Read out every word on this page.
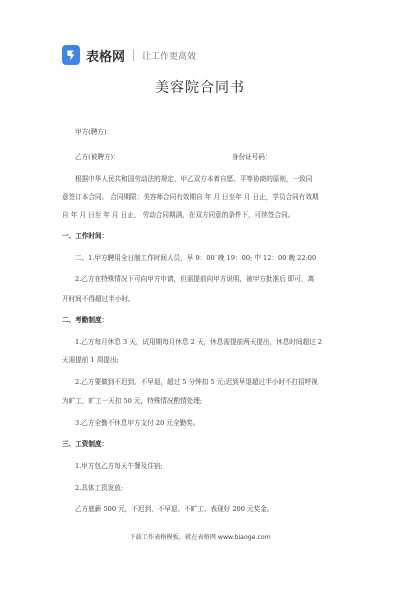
表格网 让工作更高效
美容院合同书
甲方(聘方)：
乙方(被聘方)：	身份证号码：
根据中华人民共和国劳动法的规定，甲乙双方本着自愿、平等协商的原则，一致同
意签订本合同。 合同期限：美容师合同有效期自 年 月 日至年 月 日止，学员合同有效期
自 年 月 日至 年 月 日止， 劳动合同期满，在双方同意的条件下，可续签合同。
一、工作时间：
二、1.甲方聘用全日制工作时间人员，早 9：00`晚 19：00; 中 12：00 晚 22:00
2.乙方在特殊情况下可向甲方申请，但需提前向甲方说明，被甲方批准后 即可，离
开时间不得超过半小时。
二、考勤制度：
1.乙方每月休息 3 天，试用期每月休息 2 天，休息需提前两天提出，休息时间超过 2
天需提前 1 周提出;
2.乙方要做到不迟到、不早退，超过 5 分钟扣 5 元;迟到早退超过半小时不打招呼视
为旷工，旷工一天扣 50 元，特殊情况酌情处理;
3.乙方全勤不休息甲方支付 20 元全勤奖。
三、工资制度：
1.甲方包乙方每天午餐及住宿;
2.具体工资发放:
乙方底薪 500 元，不迟到、不早退、不旷工、表现好 200 元奖金。
下载工作表格模板，就在表格网 www.biaoge.com
